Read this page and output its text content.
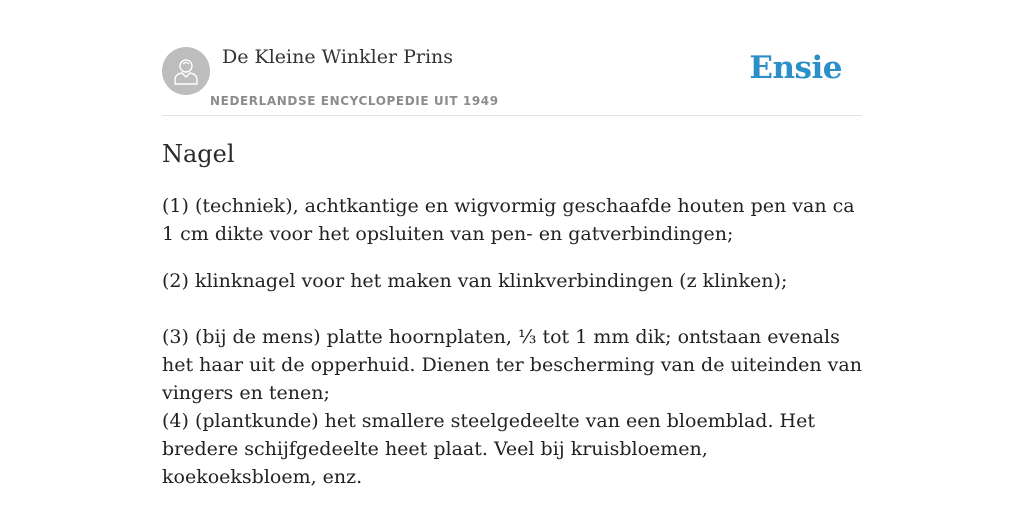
De Kleine Winkler Prins
NEDERLANDSE ENCYCLOPEDIE UIT 1949
Ensie
Nagel

(1) (techniek), achtkantige en wigvormig geschaafde houten pen van ca 1 cm dikte voor het opsluiten van pen- en gatverbindingen;

(2) klinknagel voor het maken van klinkverbindingen (z klinken);

(3) (bij de mens) platte hoornplaten, ⅓ tot 1 mm dik; ontstaan evenals het haar uit de opperhuid. Dienen ter bescherming van de uiteinden van vingers en tenen;

(4) (plantkunde) het smallere steelgedeelte van een bloemblad. Het bredere schijfgedeelte heet plaat. Veel bij kruisbloemen, koekoeksbloem, enz.
